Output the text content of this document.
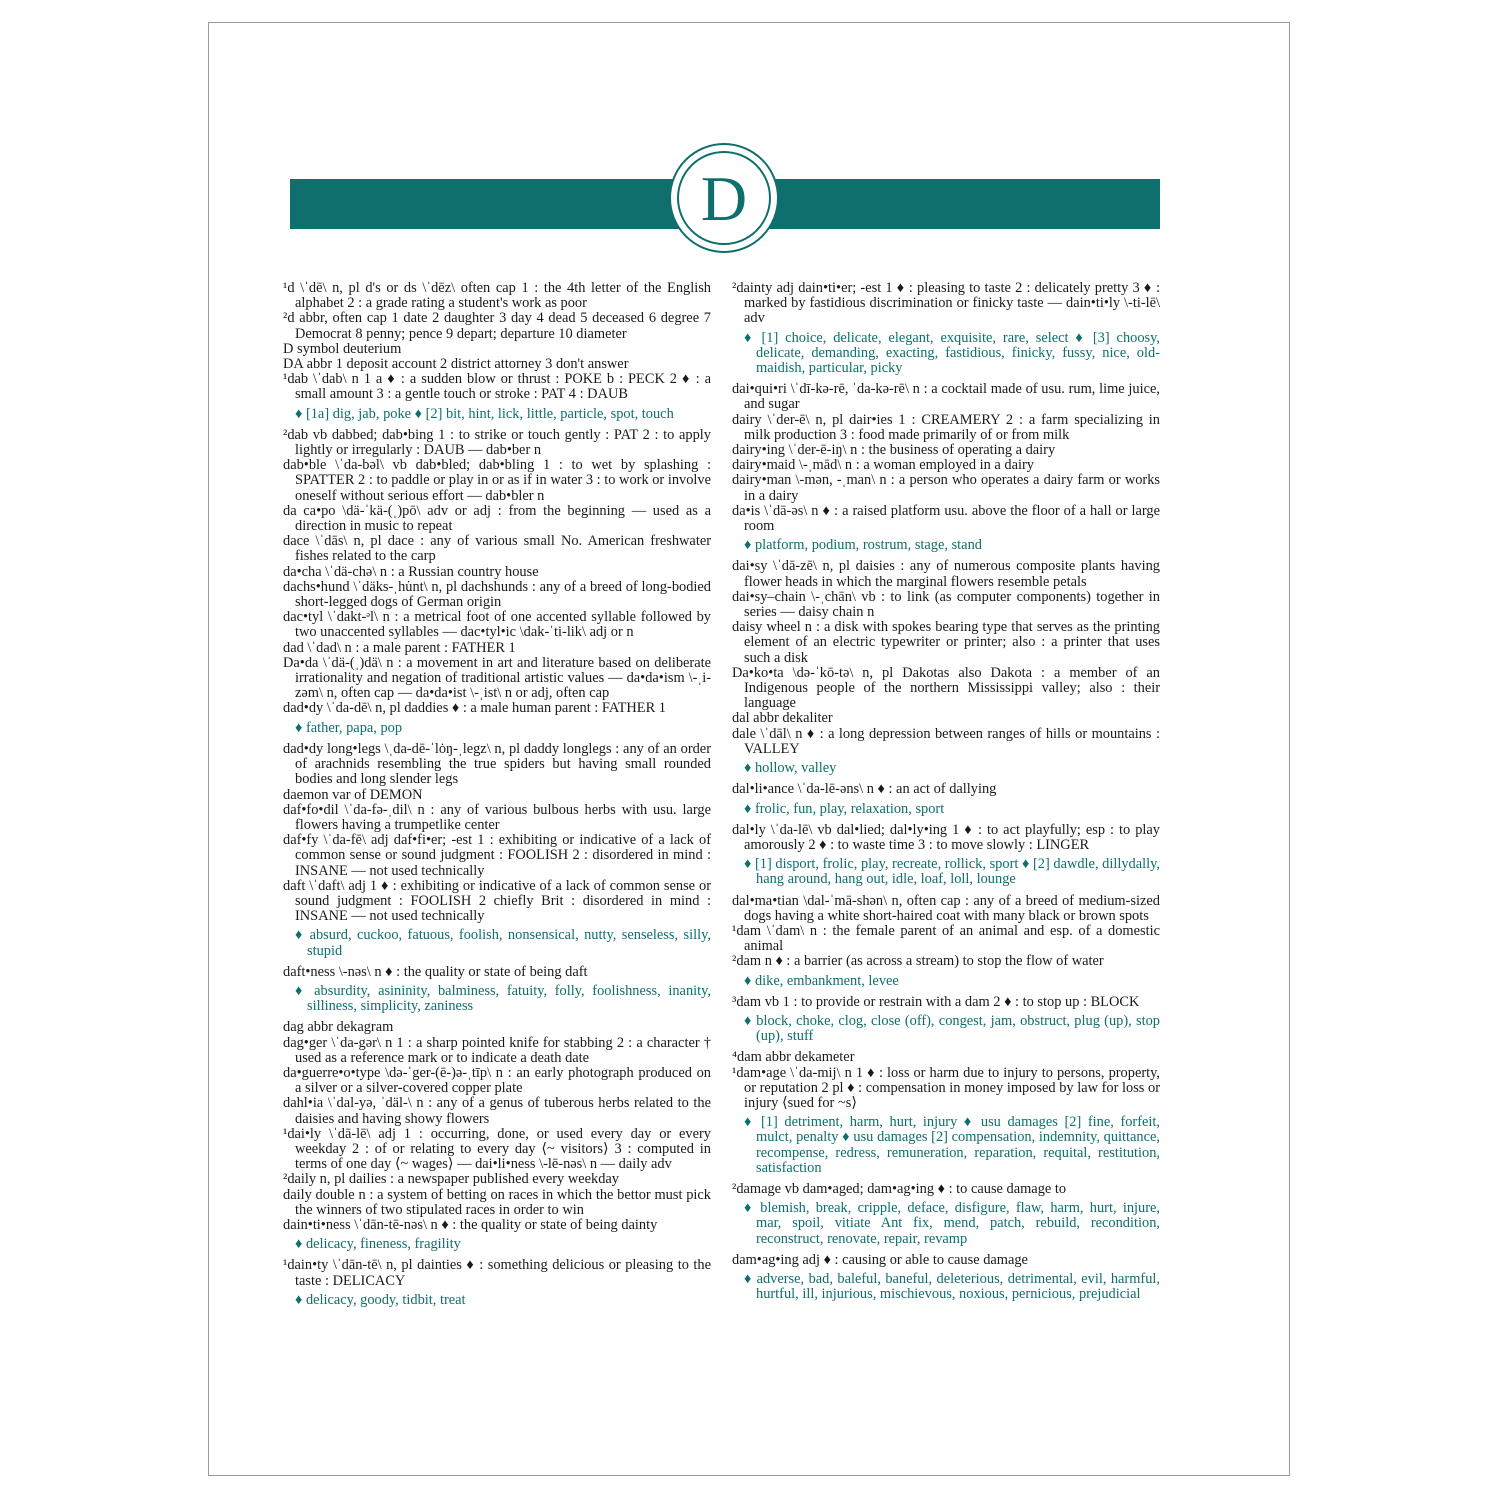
D
¹d \ˈdē\ n, pl d's or ds \ˈdēz\ often cap 1 : the 4th letter of the English alphabet 2 : a grade rating a student's work as poor
²d abbr, often cap 1 date 2 daughter 3 day 4 dead 5 deceased 6 degree 7 Democrat 8 penny; pence 9 depart; departure 10 diameter
D symbol deuterium
DA abbr 1 deposit account 2 district attorney 3 don't answer
¹dab \ˈdab\ n 1 a ♦ : a sudden blow or thrust : POKE b : PECK 2 ♦ : a small amount 3 : a gentle touch or stroke : PAT 4 : DAUB
♦ [1a] dig, jab, poke ♦ [2] bit, hint, lick, little, particle, spot, touch
²dab vb dabbed; dab•bing 1 : to strike or touch gently : PAT 2 : to apply lightly or irregularly : DAUB — dab•ber n
dab•ble \ˈda-bəl\ vb dab•bled; dab•bling 1 : to wet by splashing : SPATTER 2 : to paddle or play in or as if in water 3 : to work or involve oneself without serious effort — dab•bler n
da ca•po \dä-ˈkä-(ˌ)pō\ adv or adj : from the beginning — used as a direction in music to repeat
dace \ˈdās\ n, pl dace : any of various small No. American freshwater fishes related to the carp
da•cha \ˈdä-chə\ n : a Russian country house
dachs•hund \ˈdäks-ˌhu̇nt\ n, pl dachshunds : any of a breed of long-bodied short-legged dogs of German origin
dac•tyl \ˈdakt-ᵊl\ n : a metrical foot of one accented syllable followed by two unaccented syllables — dac•tyl•ic \dak-ˈti-lik\ adj or n
dad \ˈdad\ n : a male parent : FATHER 1
Da•da \ˈdä-(ˌ)dä\ n : a movement in art and literature based on deliberate irrationality and negation of traditional artistic values — da•da•ism \-ˌi-zəm\ n, often cap — da•da•ist \-ˌist\ n or adj, often cap
dad•dy \ˈda-dē\ n, pl daddies ♦ : a male human parent : FATHER 1
♦ father, papa, pop
dad•dy long•legs \ˌda-dē-ˈlȯŋ-ˌlegz\ n, pl daddy longlegs : any of an order of arachnids resembling the true spiders but having small rounded bodies and long slender legs
daemon var of DEMON
daf•fo•dil \ˈda-fə-ˌdil\ n : any of various bulbous herbs with usu. large flowers having a trumpetlike center
daf•fy \ˈda-fē\ adj daf•fi•er; -est 1 : exhibiting or indicative of a lack of common sense or sound judgment : FOOLISH 2 : disordered in mind : INSANE — not used technically
daft \ˈdaft\ adj 1 ♦ : exhibiting or indicative of a lack of common sense or sound judgment : FOOLISH 2 chiefly Brit : disordered in mind : INSANE — not used technically
♦ absurd, cuckoo, fatuous, foolish, nonsensical, nutty, senseless, silly, stupid
daft•ness \-nəs\ n ♦ : the quality or state of being daft
♦ absurdity, asininity, balminess, fatuity, folly, foolishness, inanity, silliness, simplicity, zaniness
dag abbr dekagram
dag•ger \ˈda-gər\ n 1 : a sharp pointed knife for stabbing 2 : a character † used as a reference mark or to indicate a death date
da•guerre•o•type \də-ˈger-(ē-)ə-ˌtīp\ n : an early photograph produced on a silver or a silver-covered copper plate
dahl•ia \ˈdal-yə, ˈdäl-\ n : any of a genus of tuberous herbs related to the daisies and having showy flowers
¹dai•ly \ˈdā-lē\ adj 1 : occurring, done, or used every day or every weekday 2 : of or relating to every day ⟨~ visitors⟩ 3 : computed in terms of one day ⟨~ wages⟩ — dai•li•ness \-lē-nəs\ n — daily adv
²daily n, pl dailies : a newspaper published every weekday
daily double n : a system of betting on races in which the bettor must pick the winners of two stipulated races in order to win
dain•ti•ness \ˈdān-tē-nəs\ n ♦ : the quality or state of being dainty
♦ delicacy, fineness, fragility
¹dain•ty \ˈdān-tē\ n, pl dainties ♦ : something delicious or pleasing to the taste : DELICACY
♦ delicacy, goody, tidbit, treat
²dainty adj dain•ti•er; -est 1 ♦ : pleasing to taste 2 : delicately pretty 3 ♦ : marked by fastidious discrimination or finicky taste — dain•ti•ly \-ti-lē\ adv
♦ [1] choice, delicate, elegant, exquisite, rare, select ♦ [3] choosy, delicate, demanding, exacting, fastidious, finicky, fussy, nice, old-maidish, particular, picky
dai•qui•ri \ˈdī-kə-rē, ˈda-kə-rē\ n : a cocktail made of usu. rum, lime juice, and sugar
dairy \ˈder-ē\ n, pl dair•ies 1 : CREAMERY 2 : a farm specializing in milk production 3 : food made primarily of or from milk
dairy•ing \ˈder-ē-iŋ\ n : the business of operating a dairy
dairy•maid \-ˌmād\ n : a woman employed in a dairy
dairy•man \-mən, -ˌman\ n : a person who operates a dairy farm or works in a dairy
da•is \ˈdā-əs\ n ♦ : a raised platform usu. above the floor of a hall or large room
♦ platform, podium, rostrum, stage, stand
dai•sy \ˈdā-zē\ n, pl daisies : any of numerous composite plants having flower heads in which the marginal flowers resemble petals
dai•sy–chain \-ˌchān\ vb : to link (as computer components) together in series — daisy chain n
daisy wheel n : a disk with spokes bearing type that serves as the printing element of an electric typewriter or printer; also : a printer that uses such a disk
Da•ko•ta \də-ˈkō-tə\ n, pl Dakotas also Dakota : a member of an Indigenous people of the northern Mississippi valley; also : their language
dal abbr dekaliter
dale \ˈdāl\ n ♦ : a long depression between ranges of hills or mountains : VALLEY
♦ hollow, valley
dal•li•ance \ˈda-lē-əns\ n ♦ : an act of dallying
♦ frolic, fun, play, relaxation, sport
dal•ly \ˈda-lē\ vb dal•lied; dal•ly•ing 1 ♦ : to act playfully; esp : to play amorously 2 ♦ : to waste time 3 : to move slowly : LINGER
♦ [1] disport, frolic, play, recreate, rollick, sport ♦ [2] dawdle, dillydally, hang around, hang out, idle, loaf, loll, lounge
dal•ma•tian \dal-ˈmā-shən\ n, often cap : any of a breed of medium-sized dogs having a white short-haired coat with many black or brown spots
¹dam \ˈdam\ n : the female parent of an animal and esp. of a domestic animal
²dam n ♦ : a barrier (as across a stream) to stop the flow of water
♦ dike, embankment, levee
³dam vb 1 : to provide or restrain with a dam 2 ♦ : to stop up : BLOCK
♦ block, choke, clog, close (off), congest, jam, obstruct, plug (up), stop (up), stuff
⁴dam abbr dekameter
¹dam•age \ˈda-mij\ n 1 ♦ : loss or harm due to injury to persons, property, or reputation 2 pl ♦ : compensation in money imposed by law for loss or injury ⟨sued for ~s⟩
♦ [1] detriment, harm, hurt, injury ♦ usu damages [2] fine, forfeit, mulct, penalty ♦ usu damages [2] compensation, indemnity, quittance, recompense, redress, remuneration, reparation, requital, restitution, satisfaction
²damage vb dam•aged; dam•ag•ing ♦ : to cause damage to
♦ blemish, break, cripple, deface, disfigure, flaw, harm, hurt, injure, mar, spoil, vitiate Ant fix, mend, patch, rebuild, recondition, reconstruct, renovate, repair, revamp
dam•ag•ing adj ♦ : causing or able to cause damage
♦ adverse, bad, baleful, baneful, deleterious, detrimental, evil, harmful, hurtful, ill, injurious, mischievous, noxious, pernicious, prejudicial
